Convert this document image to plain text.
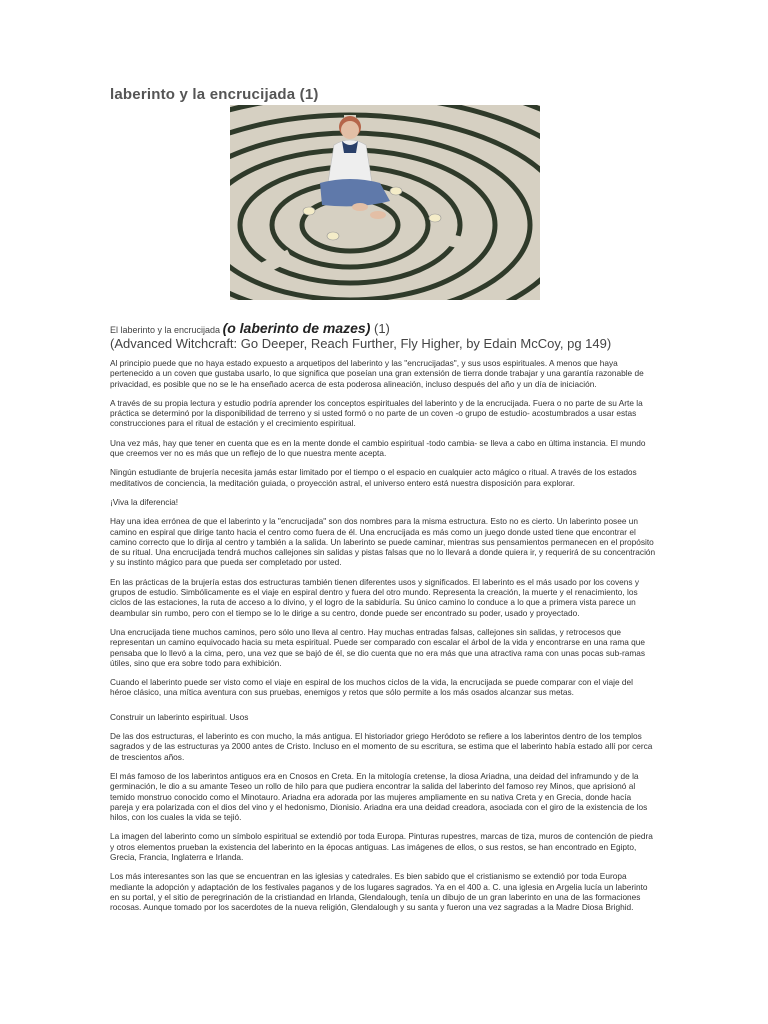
laberinto y la encrucijada (1)
El laberinto y la encrucijada (o laberinto de mazes) (1)
(Advanced Witchcraft: Go Deeper, Reach Further, Fly Higher, by Edain McCoy, pg 149)

Al principio puede que no haya estado expuesto a arquetipos del laberinto y las "encrucijadas", y sus usos espirituales. A menos que haya pertenecido a un coven que gustaba usarlo, lo que significa que poseían una gran extensión de tierra donde trabajar y una garantía razonable de privacidad, es posible que no se le ha enseñado acerca de esta poderosa alineación, incluso después del año y un día de iniciación.

A través de su propia lectura y estudio podría aprender los conceptos espirituales del laberinto y de la encrucijada. Fuera o no parte de su Arte la práctica se determinó por la disponibilidad de terreno y si usted formó o no parte de un coven -o grupo de estudio- acostumbrados a usar estas construcciones para el ritual de estación y el crecimiento espiritual.

Una vez más, hay que tener en cuenta que es en la mente donde el cambio espiritual -todo cambia- se lleva a cabo en última instancia. El mundo que creemos ver no es más que un reflejo de lo que nuestra mente acepta.

Ningún estudiante de brujería necesita jamás estar limitado por el tiempo o el espacio en cualquier acto mágico o ritual. A través de los estados meditativos de conciencia, la meditación guiada, o proyección astral, el universo entero está nuestra disposición para explorar.

¡Viva la diferencia!

Hay una idea errónea de que el laberinto y la "encrucijada" son dos nombres para la misma estructura. Esto no es cierto. Un laberinto posee un camino en espiral que dirige tanto hacia el centro como fuera de él. Una encrucijada es más como un juego donde usted tiene que encontrar el camino correcto que lo dirija al centro y también a la salida. Un laberinto se puede caminar, mientras sus pensamientos permanecen en el propósito de su ritual. Una encrucijada tendrá muchos callejones sin salidas y pistas falsas que no lo llevará a donde quiera ir, y requerirá de su concentración y su instinto mágico para que pueda ser completado por usted.

En las prácticas de la brujería estas dos estructuras también tienen diferentes usos y significados. El laberinto es el más usado por los covens y grupos de estudio. Simbólicamente es el viaje en espiral dentro y fuera del otro mundo. Representa la creación, la muerte y el renacimiento, los ciclos de las estaciones, la ruta de acceso a lo divino, y el logro de la sabiduría. Su único camino lo conduce a lo que a primera vista parece un deambular sin rumbo, pero con el tiempo se lo le dirige a su centro, donde puede ser encontrado su poder, usado y proyectado.

Una encrucijada tiene muchos caminos, pero sólo uno lleva al centro. Hay muchas entradas falsas, callejones sin salidas, y retrocesos que representan un camino equivocado hacia su meta espiritual. Puede ser comparado con escalar el árbol de la vida y encontrarse en una rama que pensaba que lo llevó a la cima, pero, una vez que se bajó de él, se dio cuenta que no era más que una atractiva rama con unas pocas sub-ramas útiles, sino que era sobre todo para exhibición.

Cuando el laberinto puede ser visto como el viaje en espiral de los muchos ciclos de la vida, la encrucijada se puede comparar con el viaje del héroe clásico, una mítica aventura con sus pruebas, enemigos y retos que sólo permite a los más osados alcanzar sus metas.

Construir un laberinto espiritual. Usos

De las dos estructuras, el laberinto es con mucho, la más antigua. El historiador griego Heródoto se refiere a los laberintos dentro de los templos sagrados y de las estructuras ya 2000 antes de Cristo. Incluso en el momento de su escritura, se estima que el laberinto había estado allí por cerca de trescientos años.

El más famoso de los laberintos antiguos era en Cnosos en Creta. En la mitología cretense, la diosa Ariadna, una deidad del inframundo y de la germinación, le dio a su amante Teseo un rollo de hilo para que pudiera encontrar la salida del laberinto del famoso rey Minos, que aprisionó al temido monstruo conocido como el Minotauro. Ariadna era adorada por las mujeres ampliamente en su nativa Creta y en Grecia, donde hacía pareja y era polarizada con el dios del vino y el hedonismo, Dionisio. Ariadna era una deidad creadora, asociada con el giro de la existencia de los hilos, con los cuales la vida se tejió.

La imagen del laberinto como un símbolo espiritual se extendió por toda Europa. Pinturas rupestres, marcas de tiza, muros de contención de piedra y otros elementos prueban la existencia del laberinto en la épocas antiguas. Las imágenes de ellos, o sus restos, se han encontrado en Egipto, Grecia, Francia, Inglaterra e Irlanda.

Los más interesantes son las que se encuentran en las iglesias y catedrales. Es bien sabido que el cristianismo se extendió por toda Europa mediante la adopción y adaptación de los festivales paganos y de los lugares sagrados. Ya en el 400 a. C. una iglesia en Argelia lucía un laberinto en su portal, y el sitio de peregrinación de la cristiandad en Irlanda, Glendalough, tenía un dibujo de un gran laberinto en una de las formaciones rocosas. Aunque tomado por los sacerdotes de la nueva religión, Glendalough y su santa y fueron una vez sagradas a la Madre Diosa Brighid.
